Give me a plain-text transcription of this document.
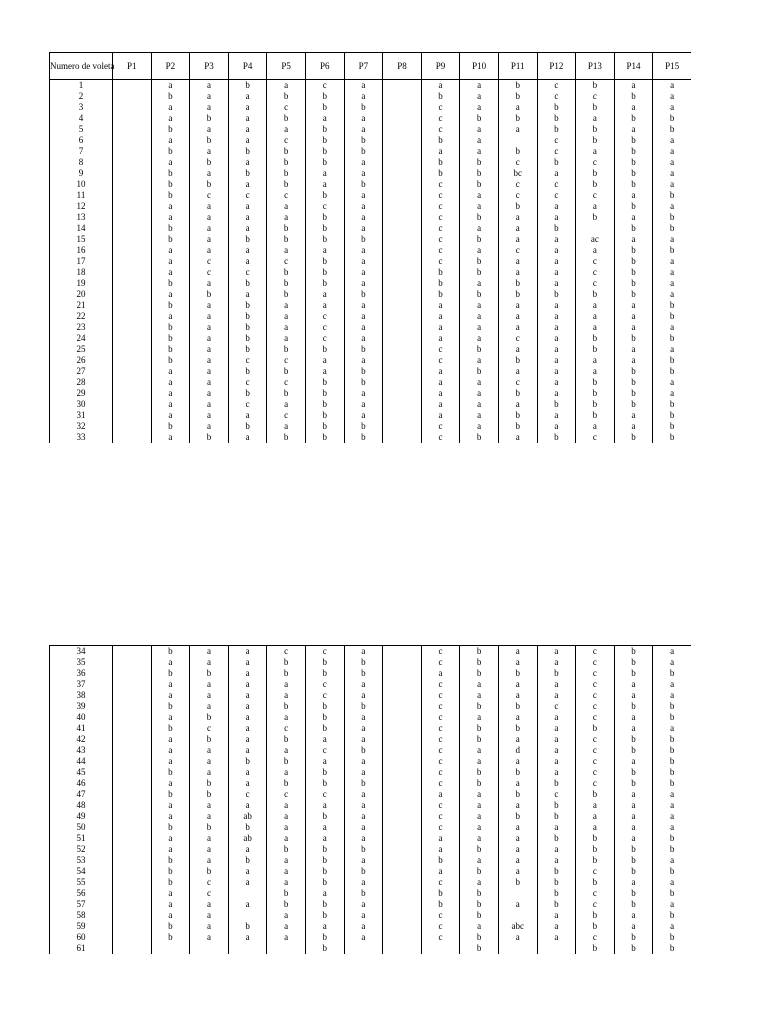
Numero de voleta	P1	P2	P3	P4	P5	P6	P7	P8	P9	P10	P11	P12	P13	P14	P15
1		a	a	b	a	c	a		a	a	b	c	b	a	a
2		b	a	a	b	b	a		b	a	b	c	c	b	a
3		a	a	a	c	b	b		c	a	a	b	b	a	a
4		a	b	a	b	a	a		c	b	b	b	a	b	b
5		b	a	a	a	b	a		c	a	a	b	b	a	b
6		a	b	a	c	b	b		b	a		c	b	b	a
7		b	a	b	b	b	b		a	a	b	c	a	b	a
8		a	b	a	b	b	a		b	b	c	b	c	b	a
9		b	a	b	b	a	a		b	b	bc	a	b	b	a
10		b	b	a	b	a	b		c	b	c	c	b	b	a
11		b	c	c	c	b	a		c	a	c	c	c	a	b
12		a	a	a	a	c	a		c	a	b	a	a	b	a
13		a	a	a	a	b	a		c	b	a	a	b	a	b
14		b	a	a	b	b	a		c	a	a	b		b	b
15		b	a	b	b	b	b		c	b	a	a	ac	a	a
16		a	a	a	a	a	a		c	a	c	a	a	b	b
17		a	c	a	c	b	a		c	b	a	a	c	b	a
18		a	c	c	b	b	a		b	b	a	a	c	b	a
19		b	a	b	b	b	a		b	a	b	a	c	b	a
20		a	b	a	b	a	b		b	b	b	b	b	b	a
21		b	a	b	a	a	a		a	a	a	a	a	a	b
22		a	a	b	a	c	a		a	a	a	a	a	a	b
23		b	a	b	a	c	a		a	a	a	a	a	a	a
24		b	a	b	a	c	a		a	a	c	a	b	b	b
25		b	a	b	b	b	b		c	b	a	a	b	a	a
26		b	a	c	c	a	a		c	a	b	a	a	a	b
27		a	a	b	b	a	b		a	b	a	a	a	b	b
28		a	a	c	c	b	b		a	a	c	a	b	b	a
29		a	a	b	b	b	a		a	a	b	a	b	b	a
30		a	a	c	a	b	a		a	a	a	b	b	b	b
31		a	a	a	c	b	a		a	a	b	a	b	a	b
32		b	a	b	a	b	b		c	a	b	a	a	a	b
33		a	b	a	b	b	b		c	b	a	b	c	b	b
34		b	a	a	c	c	a		c	b	a	a	c	b	a
35		a	a	a	b	b	b		c	b	a	a	c	b	a
36		b	b	a	b	b	b		a	b	b	b	c	b	b
37		a	a	a	a	c	a		c	a	a	a	c	a	a
38		a	a	a	a	c	a		c	a	a	a	c	a	a
39		b	a	a	b	b	b		c	b	b	c	c	b	b
40		a	b	a	a	b	a		c	a	a	a	c	a	b
41		b	c	a	c	b	a		c	b	b	a	b	a	a
42		a	b	a	b	a	a		c	b	a	a	c	b	b
43		a	a	a	a	c	b		c	a	d	a	c	b	b
44		a	a	b	b	a	a		c	a	a	a	c	a	b
45		b	a	a	a	b	a		c	b	b	a	c	b	b
46		a	b	a	b	b	b		c	b	a	b	c	b	b
47		b	b	c	c	c	a		a	a	b	c	b	a	a
48		a	a	a	a	a	a		c	a	a	b	a	a	a
49		a	a	ab	a	b	a		c	a	b	b	a	a	a
50		b	b	b	a	a	a		c	a	a	a	a	a	a
51		a	a	ab	a	a	a		a	a	a	b	b	a	b
52		a	a	a	b	b	b		a	b	a	a	b	b	b
53		b	a	b	a	b	a		b	a	a	a	b	b	a
54		b	b	a	a	b	b		a	b	a	b	c	b	b
55		b	c	a	a	b	a		c	a	b	b	b	a	a
56		a	c		b	a	b		b	b		b	c	b	b
57		a	a	a	b	b	a		b	b	a	b	c	b	a
58		a	a		a	b	a		c	b		a	b	a	b
59		b	a	b	a	a	a		c	a	abc	a	b	a	a
60		b	a	a	a	b	a		c	b	a	a	c	b	b
61						b				b			b	b	b
